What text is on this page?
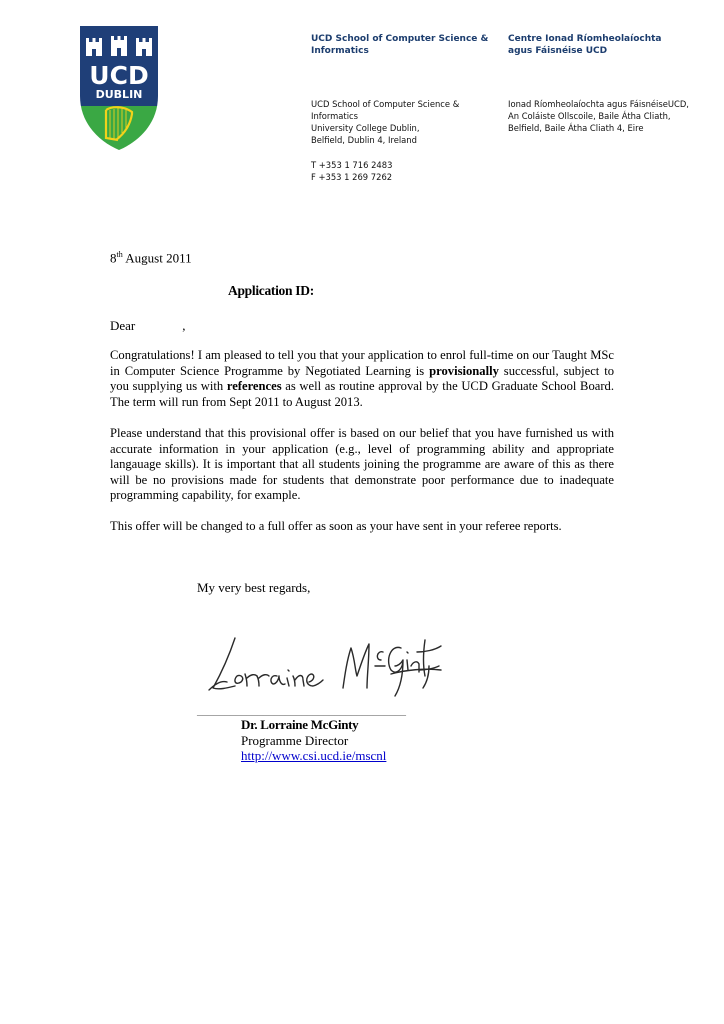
UCD
DUBLIN
UCD School of Computer Science &
Informatics
Centre Ionad Ríomheolaíochta
agus Fáisnéise UCD
UCD School of Computer Science &
Informatics
University College Dublin,
Belfield, Dublin 4, Ireland
Ionad Ríomheolaíochta agus FáisnéiseUCD,
An Coláiste Ollscoile, Baile Átha Cliath,
Belfield, Baile Átha Cliath 4, Eire
T +353 1 716 2483
F +353 1 269 7262
8th August 2011
Application ID:
Dear	,
Congratulations! I am pleased to tell you that your application to enrol full-time on our Taught MSc in Computer Science Programme by Negotiated Learning is provisionally successful, subject to you supplying us with references as well as routine approval by the UCD Graduate School Board. The term will run from Sept 2011 to August 2013.
Please understand that this provisional offer is based on our belief that you have furnished us with accurate information in your application (e.g., level of programming ability and appropriate langauage skills). It is important that all students joining the programme are aware of this as there will be no provisions made for students that demonstrate poor performance due to inadequate programming capability, for example.
This offer will be changed to a full offer as soon as your have sent in your referee reports.
My very best regards,
______________________________________
Dr. Lorraine McGinty
Programme Director
http://www.csi.ucd.ie/mscnl
